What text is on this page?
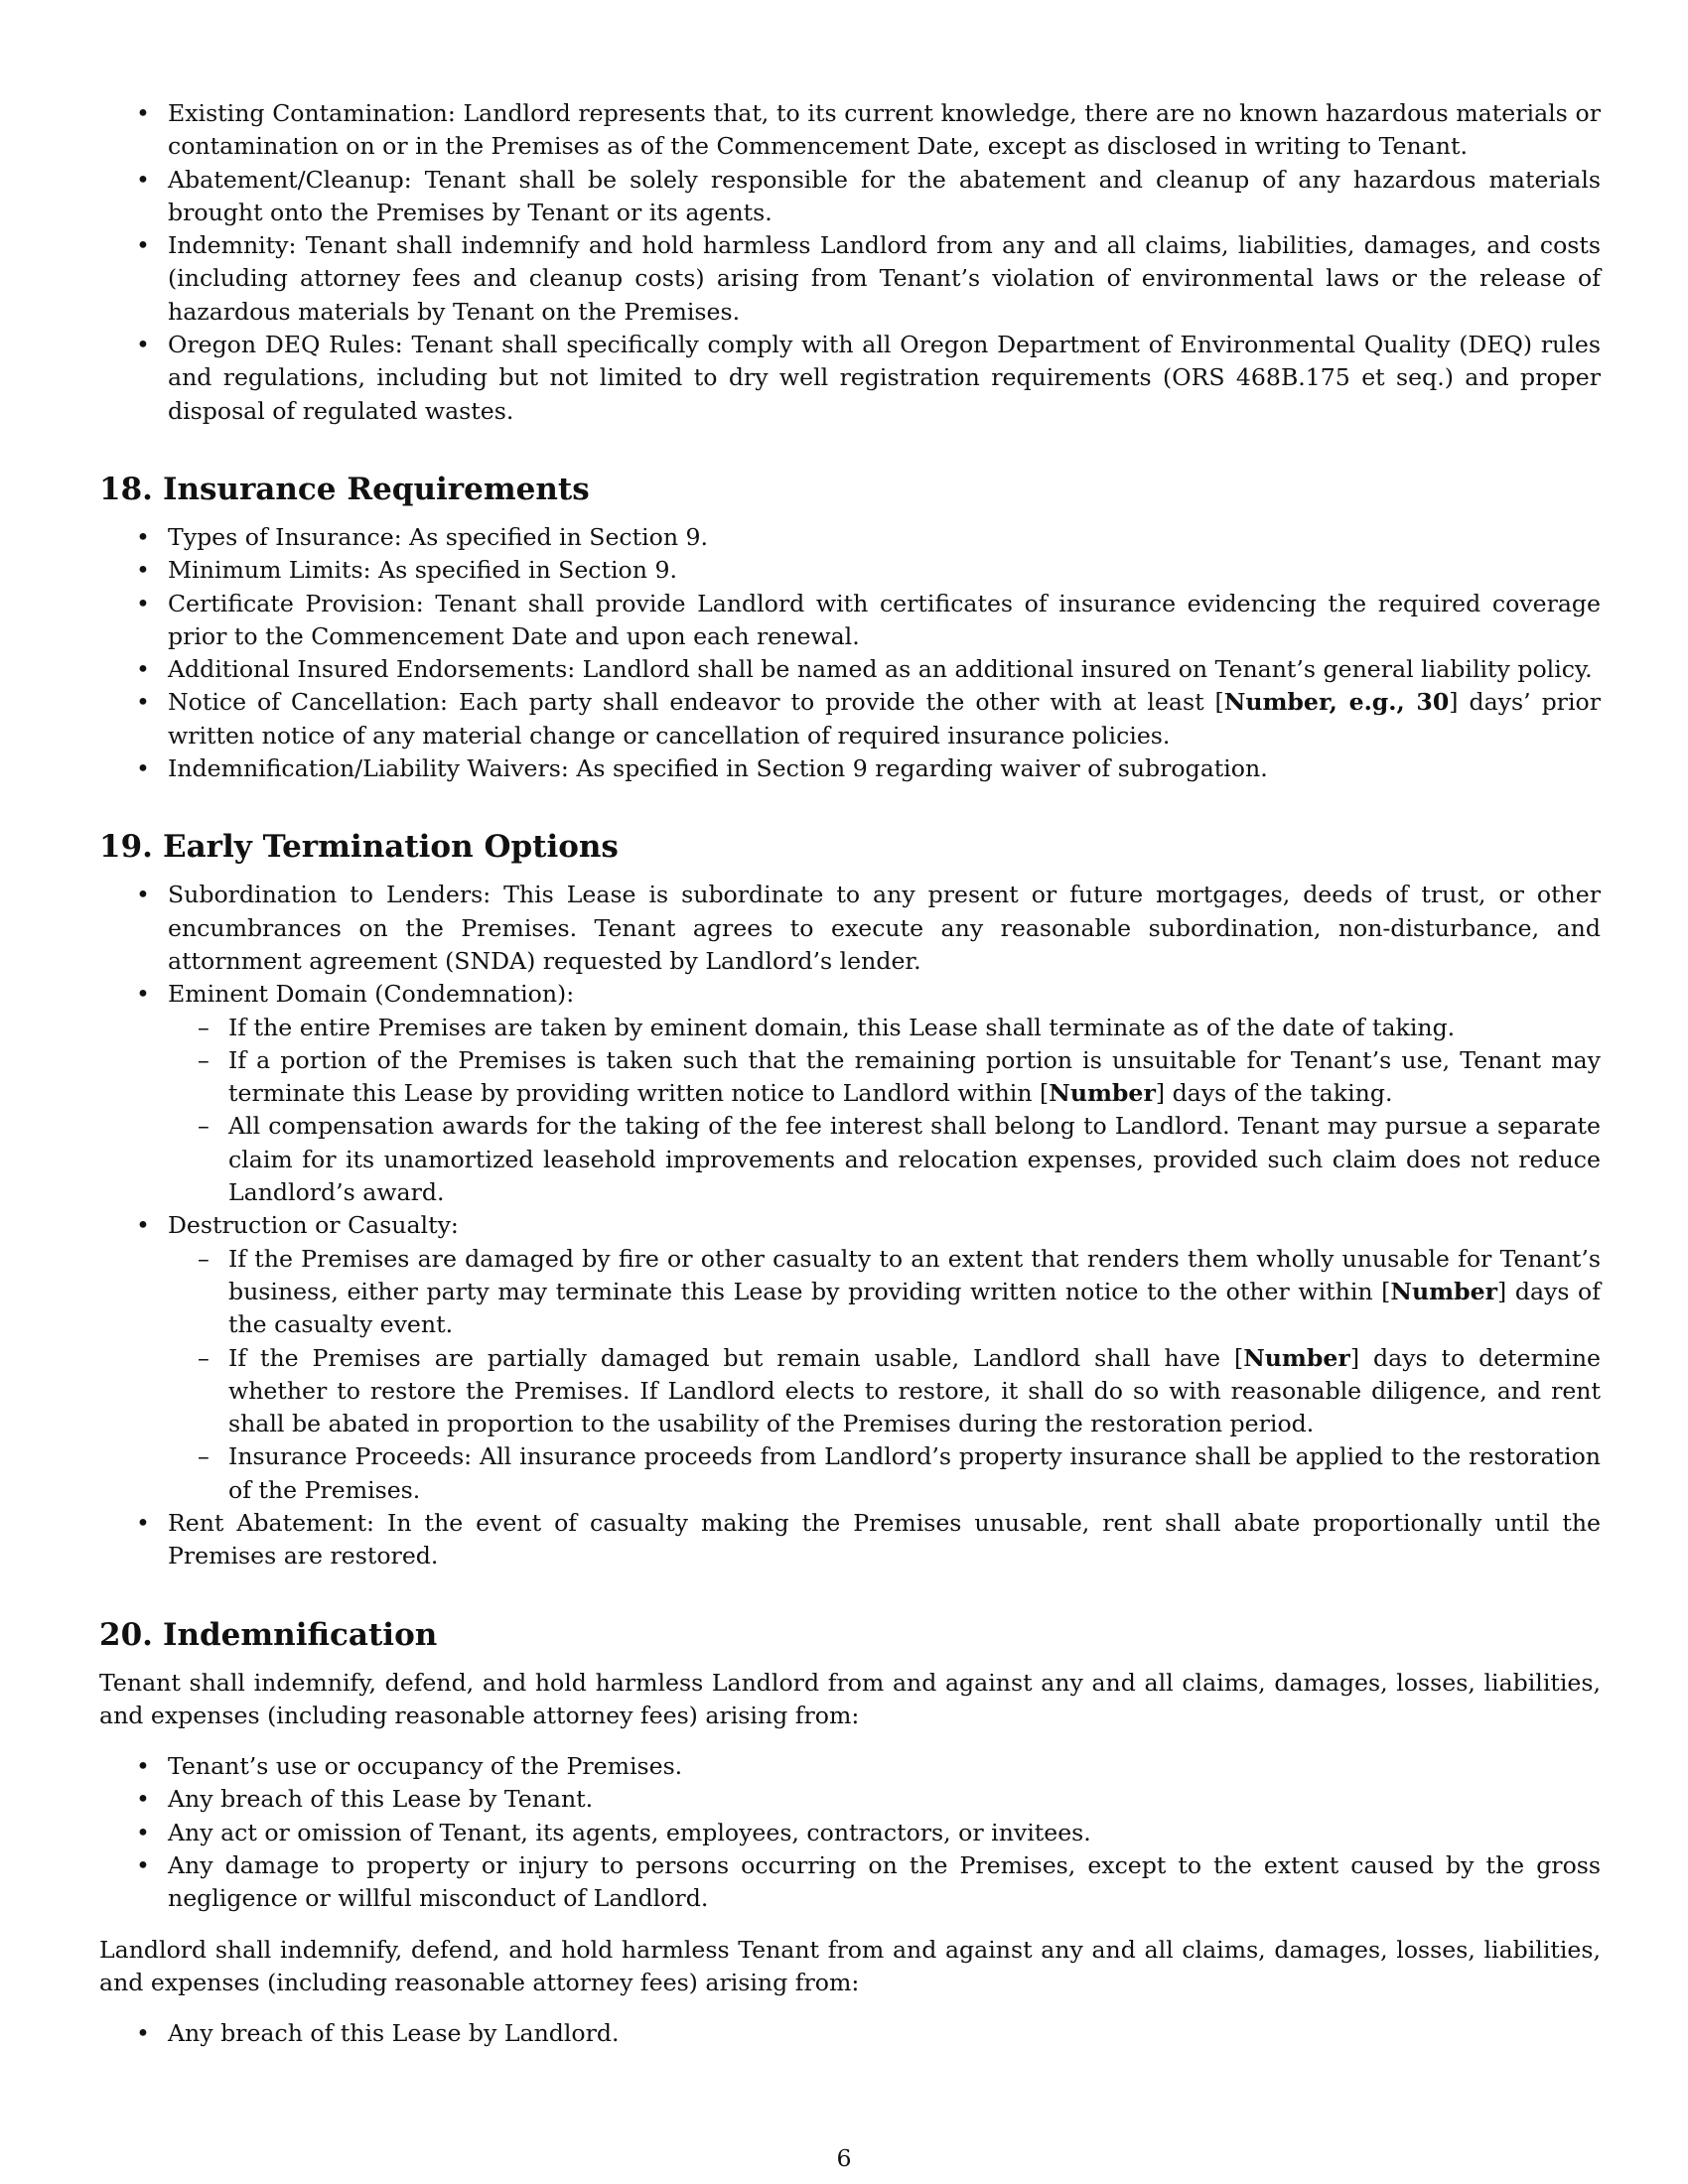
• Existing Contamination: Landlord represents that, to its current knowledge, there are no known hazardous materials or contamination on or in the Premises as of the Commencement Date, except as disclosed in writing to Tenant.
• Abatement/Cleanup: Tenant shall be solely responsible for the abatement and cleanup of any hazardous materials brought onto the Premises by Tenant or its agents.
• Indemnity: Tenant shall indemnify and hold harmless Landlord from any and all claims, liabilities, damages, and costs (including attorney fees and cleanup costs) arising from Tenant’s violation of environmental laws or the release of hazardous materials by Tenant on the Premises.
• Oregon DEQ Rules: Tenant shall specifically comply with all Oregon Department of Environmental Quality (DEQ) rules and regulations, including but not limited to dry well registration requirements (ORS 468B.175 et seq.) and proper disposal of regulated wastes.
18. Insurance Requirements
• Types of Insurance: As specified in Section 9.
• Minimum Limits: As specified in Section 9.
• Certificate Provision: Tenant shall provide Landlord with certificates of insurance evidencing the required coverage prior to the Commencement Date and upon each renewal.
• Additional Insured Endorsements: Landlord shall be named as an additional insured on Tenant’s general liability policy.
• Notice of Cancellation: Each party shall endeavor to provide the other with at least [Number, e.g., 30] days’ prior written notice of any material change or cancellation of required insurance policies.
• Indemnification/Liability Waivers: As specified in Section 9 regarding waiver of subrogation.
19. Early Termination Options
• Subordination to Lenders: This Lease is subordinate to any present or future mortgages, deeds of trust, or other encumbrances on the Premises. Tenant agrees to execute any reasonable subordination, non-disturbance, and attornment agreement (SNDA) requested by Landlord’s lender.
• Eminent Domain (Condemnation):
– If the entire Premises are taken by eminent domain, this Lease shall terminate as of the date of taking.
– If a portion of the Premises is taken such that the remaining portion is unsuitable for Tenant’s use, Tenant may terminate this Lease by providing written notice to Landlord within [Number] days of the taking.
– All compensation awards for the taking of the fee interest shall belong to Landlord. Tenant may pursue a separate claim for its unamortized leasehold improvements and relocation expenses, provided such claim does not reduce Landlord’s award.
• Destruction or Casualty:
– If the Premises are damaged by fire or other casualty to an extent that renders them wholly unusable for Tenant’s business, either party may terminate this Lease by providing written notice to the other within [Number] days of the casualty event.
– If the Premises are partially damaged but remain usable, Landlord shall have [Number] days to determine whether to restore the Premises. If Landlord elects to restore, it shall do so with reasonable diligence, and rent shall be abated in proportion to the usability of the Premises during the restoration period.
– Insurance Proceeds: All insurance proceeds from Landlord’s property insurance shall be applied to the restoration of the Premises.
• Rent Abatement: In the event of casualty making the Premises unusable, rent shall abate proportionally until the Premises are restored.
20. Indemnification

Tenant shall indemnify, defend, and hold harmless Landlord from and against any and all claims, damages, losses, liabilities, and expenses (including reasonable attorney fees) arising from:

• Tenant’s use or occupancy of the Premises.
• Any breach of this Lease by Tenant.
• Any act or omission of Tenant, its agents, employees, contractors, or invitees.
• Any damage to property or injury to persons occurring on the Premises, except to the extent caused by the gross negligence or willful misconduct of Landlord.

Landlord shall indemnify, defend, and hold harmless Tenant from and against any and all claims, damages, losses, liabilities, and expenses (including reasonable attorney fees) arising from:

• Any breach of this Lease by Landlord.
6
